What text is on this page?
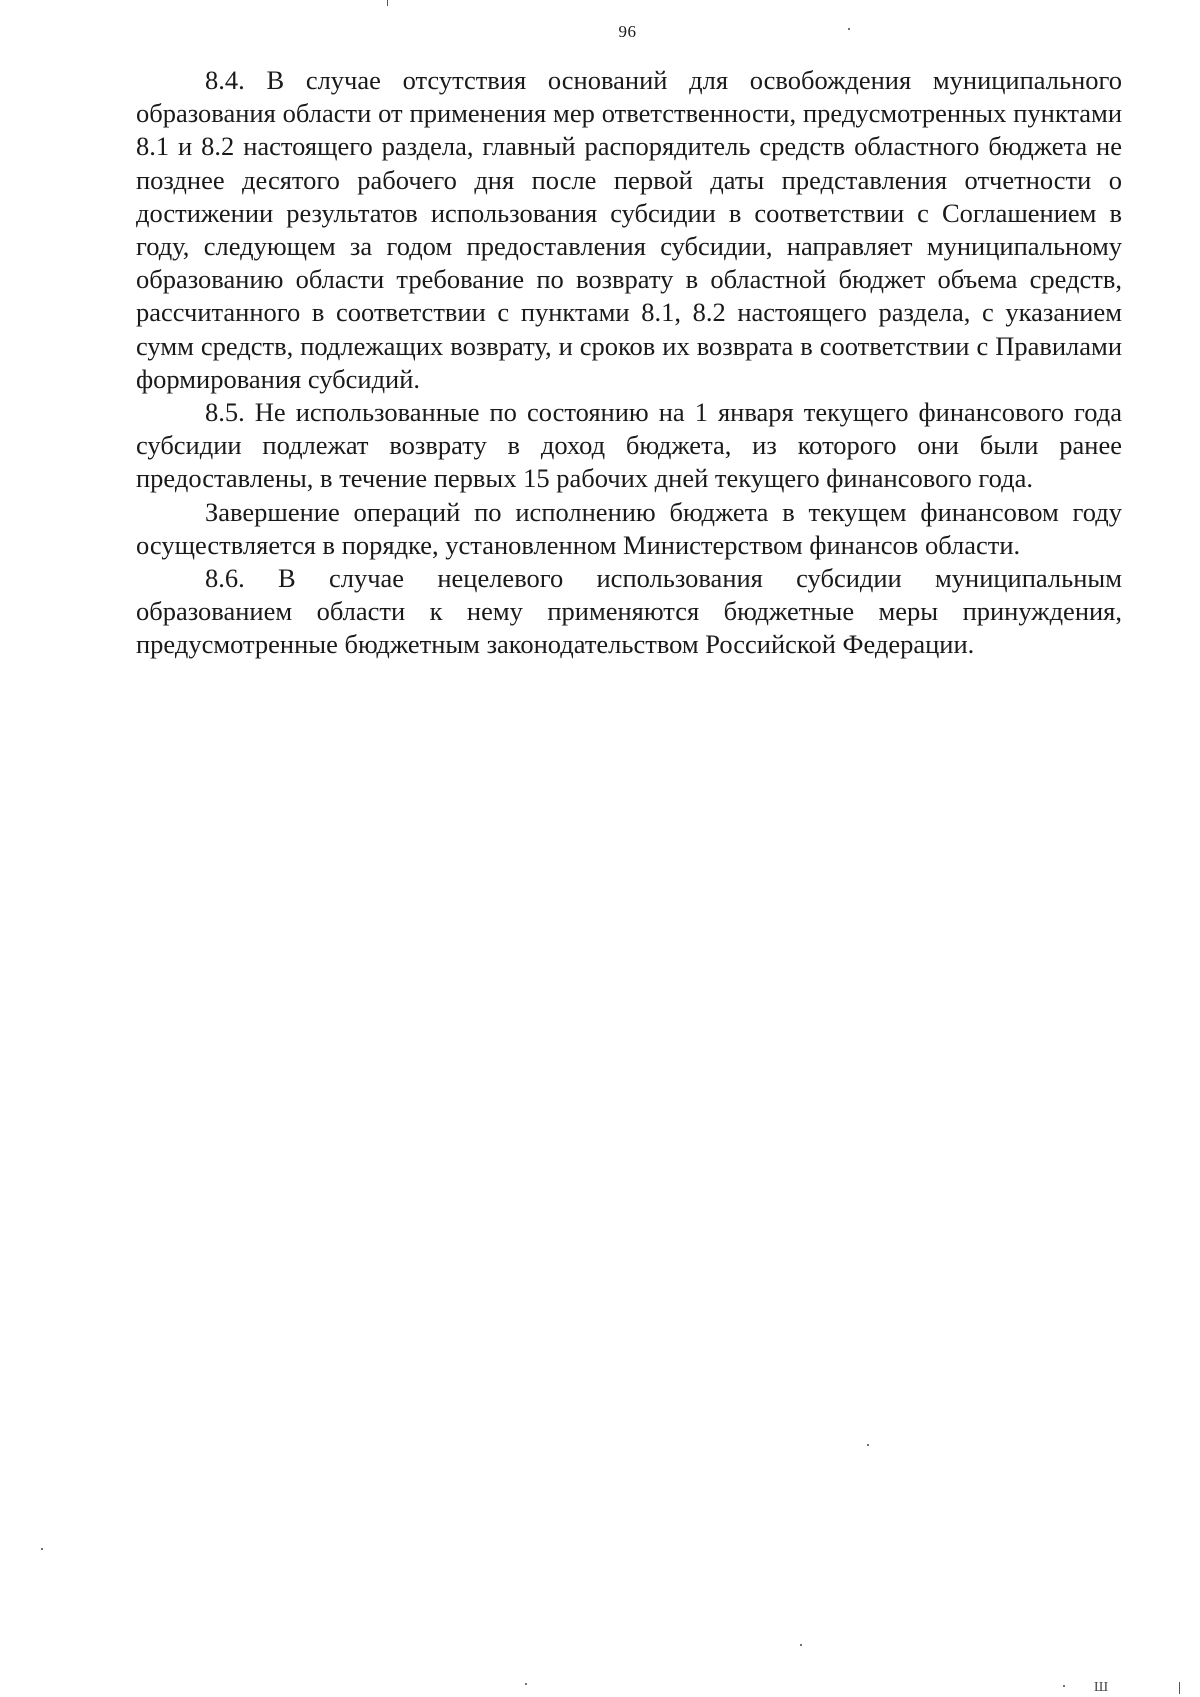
96

8.4. В случае отсутствия оснований для освобождения муниципального образования области от применения мер ответственности, предусмотренных пунктами 8.1 и 8.2 настоящего раздела, главный распорядитель средств областного бюджета не позднее десятого рабочего дня после первой даты представления отчетности о достижении результатов использования субсидии в соответствии с Соглашением в году, следующем за годом предоставления субсидии, направляет муниципальному образованию области требование по возврату в областной бюджет объема средств, рассчитанного в соответствии с пунктами 8.1, 8.2 настоящего раздела, с указанием сумм средств, подлежащих возврату, и сроков их возврата в соответствии с Правилами формирования субсидий.

8.5. Не использованные по состоянию на 1 января текущего финансового года субсидии подлежат возврату в доход бюджета, из которого они были ранее предоставлены, в течение первых 15 рабочих дней текущего финансового года.

Завершение операций по исполнению бюджета в текущем финансовом году осуществляется в порядке, установленном Министерством финансов области.

8.6. В случае нецелевого использования субсидии муниципальным образованием области к нему применяются бюджетные меры принуждения, предусмотренные бюджетным законодательством Российской Федерации.

Ш
